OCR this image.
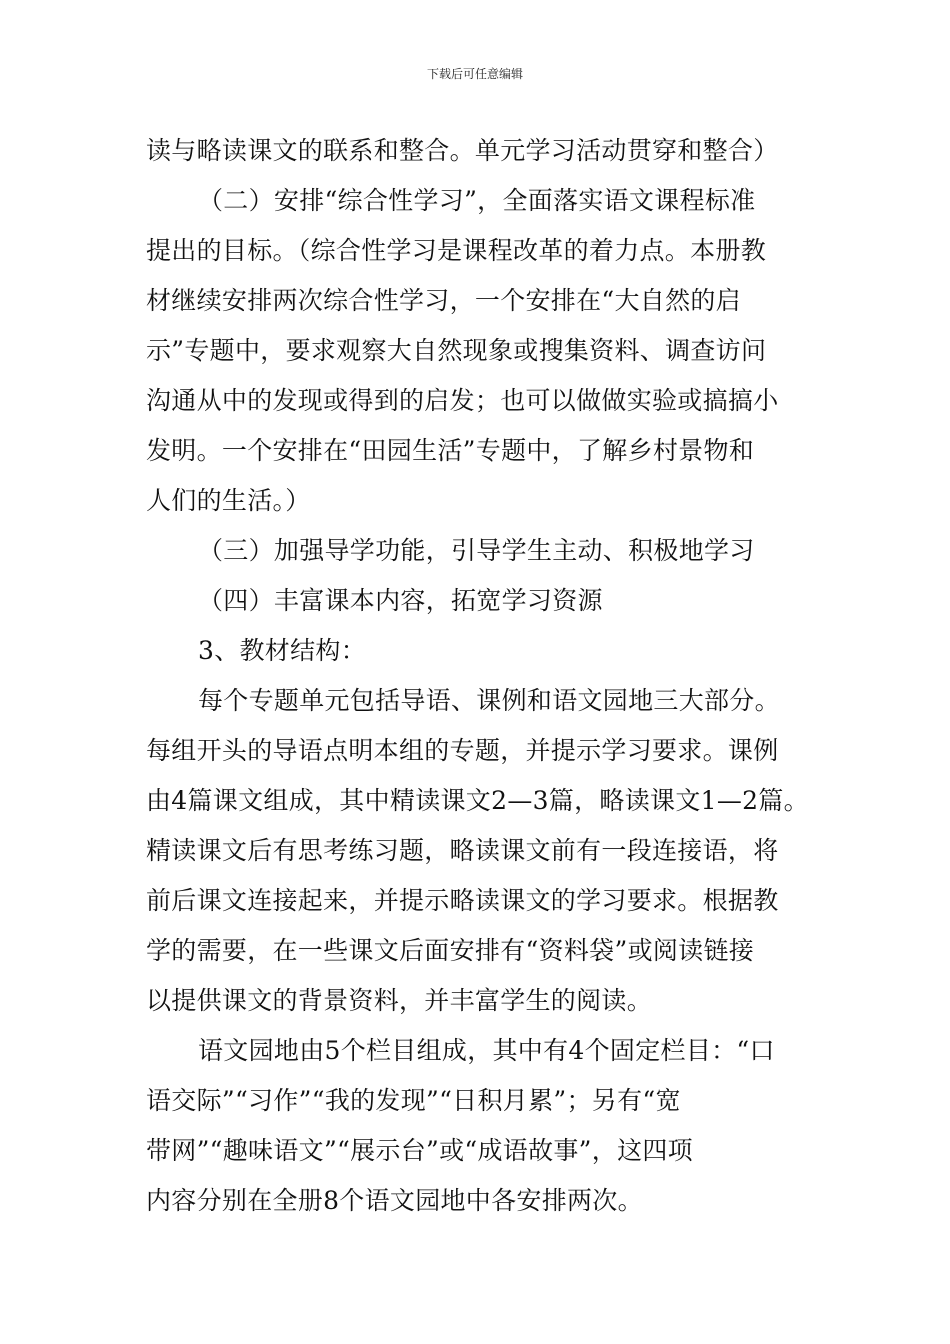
下载后可任意编辑
读与略读课文的联系和整合。单元学习活动贯穿和整合）
（二）安排“综合性学习”，全面落实语文课程标准
提出的目标。（综合性学习是课程改革的着力点。本册教
材继续安排两次综合性学习，一个安排在“大自然的启
示”专题中，要求观察大自然现象或搜集资料、调查访问
沟通从中的发现或得到的启发；也可以做做实验或搞搞小
发明。一个安排在“田园生活”专题中，了解乡村景物和
人们的生活。）
（三）加强导学功能，引导学生主动、积极地学习
（四）丰富课本内容，拓宽学习资源
3、教材结构：
每个专题单元包括导语、课例和语文园地三大部分。
每组开头的导语点明本组的专题，并提示学习要求。课例
由4篇课文组成，其中精读课文2—3篇，略读课文1—2篇。
精读课文后有思考练习题，略读课文前有一段连接语，将
前后课文连接起来，并提示略读课文的学习要求。根据教
学的需要，在一些课文后面安排有“资料袋”或阅读链接
以提供课文的背景资料，并丰富学生的阅读。
语文园地由5个栏目组成，其中有4个固定栏目：“口
语交际”“习作”“我的发现”“日积月累”；另有“宽
带网”“趣味语文”“展示台”或“成语故事”，这四项
内容分别在全册8个语文园地中各安排两次。
